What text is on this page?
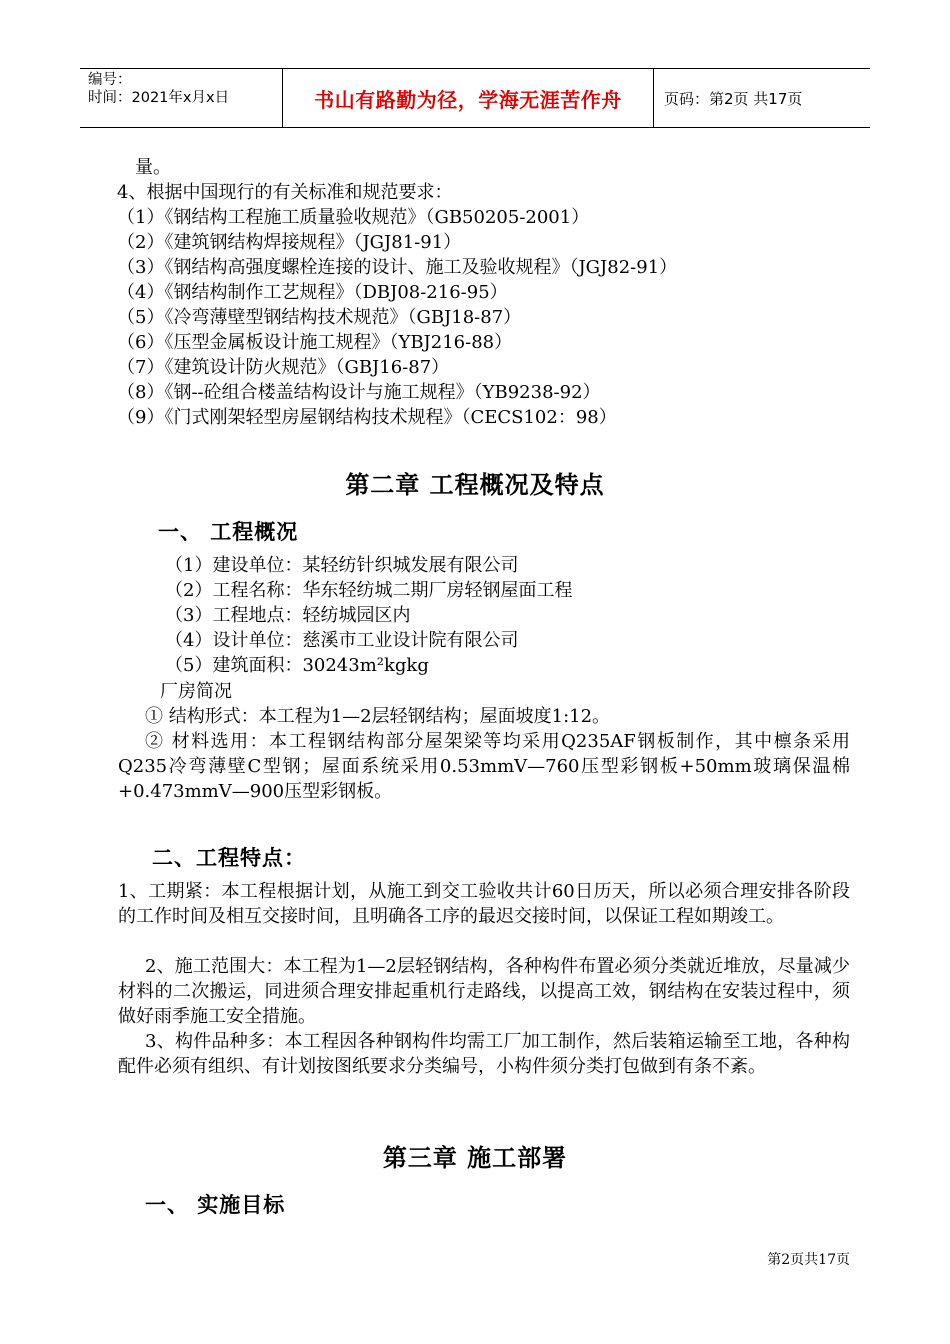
编号：
时间：2021年x月x日	书山有路勤为径，学海无涯苦作舟	页码：第2页 共17页
量。
4、根据中国现行的有关标准和规范要求：
（1）《钢结构工程施工质量验收规范》（GB50205-2001）
（2）《建筑钢结构焊接规程》（JGJ81-91）
（3）《钢结构高强度螺栓连接的设计、施工及验收规程》（JGJ82-91）
（4）《钢结构制作工艺规程》（DBJ08-216-95）
（5）《冷弯薄壁型钢结构技术规范》（GBJ18-87）
（6）《压型金属板设计施工规程》（YBJ216-88）
（7）《建筑设计防火规范》（GBJ16-87）
（8）《钢--砼组合楼盖结构设计与施工规程》（YB9238-92）
（9）《门式刚架轻型房屋钢结构技术规程》（CECS102：98）
第二章 工程概况及特点
一、 工程概况
（1）建设单位：某轻纺针织城发展有限公司
（2）工程名称：华东轻纺城二期厂房轻钢屋面工程
（3）工程地点：轻纺城园区内
（4）设计单位：慈溪市工业设计院有限公司
（5）建筑面积：30243m²kgkg
厂房简况
① 结构形式：本工程为1—2层轻钢结构；屋面坡度1:12。
② 材料选用：本工程钢结构部分屋架梁等均采用Q235AF钢板制作，其中檩条采用Q235冷弯薄壁C型钢；屋面系统采用0.53mmV—760压型彩钢板+50mm玻璃保温棉+0.473mmV—900压型彩钢板。
二、工程特点：
1、工期紧：本工程根据计划，从施工到交工验收共计60日历天，所以必须合理安排各阶段的工作时间及相互交接时间，且明确各工序的最迟交接时间，以保证工程如期竣工。
2、施工范围大：本工程为1—2层轻钢结构，各种构件布置必须分类就近堆放，尽量减少材料的二次搬运，同进须合理安排起重机行走路线，以提高工效，钢结构在安装过程中，须做好雨季施工安全措施。
3、构件品种多：本工程因各种钢构件均需工厂加工制作，然后装箱运输至工地，各种构配件必须有组织、有计划按图纸要求分类编号，小构件须分类打包做到有条不紊。
第三章 施工部署
一、 实施目标
第2页共17页
